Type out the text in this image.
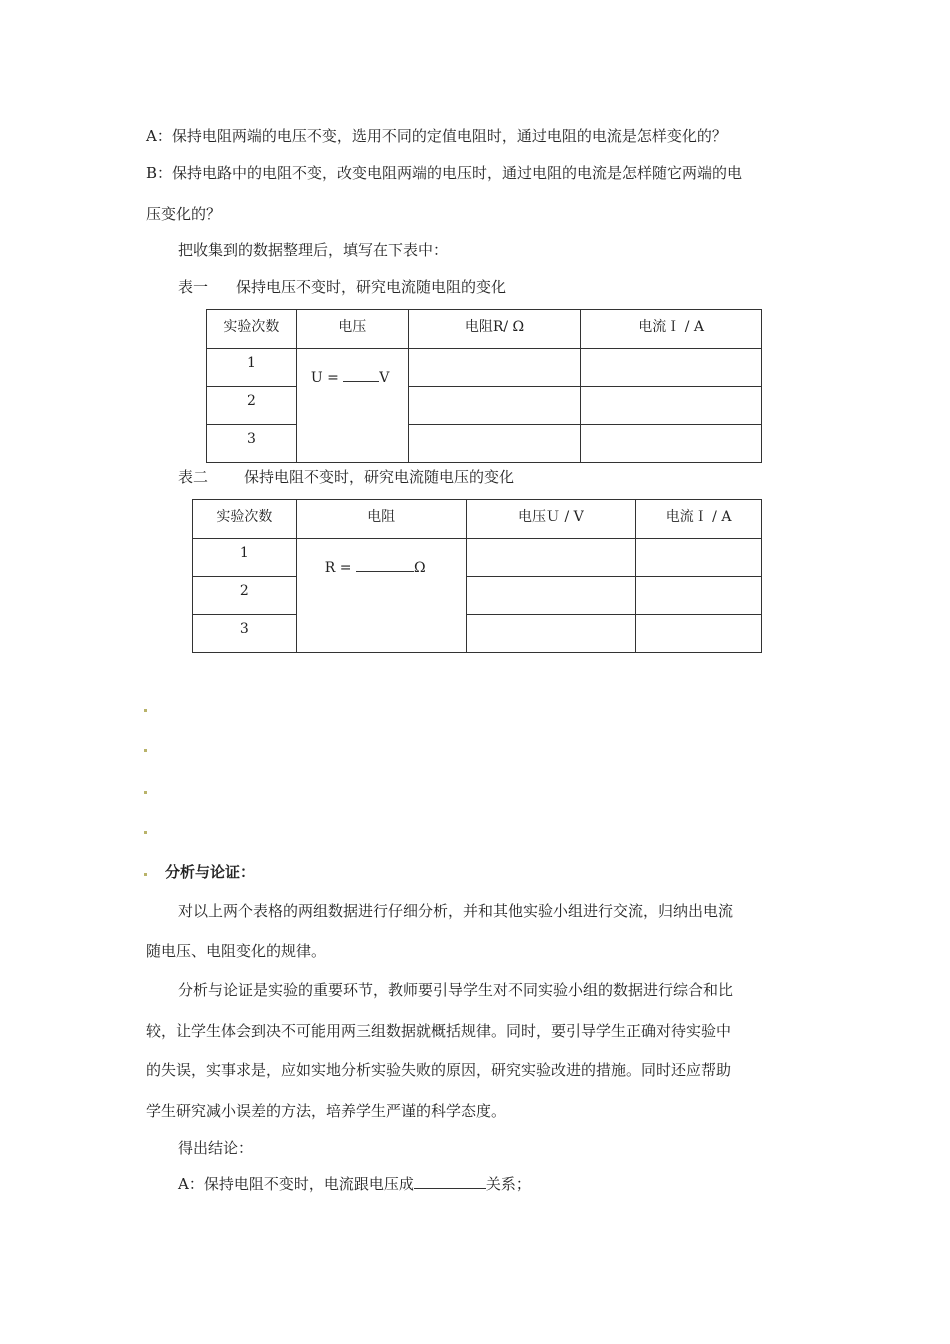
A：保持电阻两端的电压不变，选用不同的定值电阻时，通过电阻的电流是怎样变化的？
B：保持电路中的电阻不变，改变电阻两端的电压时，通过电阻的电流是怎样随它两端的电
压变化的？
把收集到的数据整理后，填写在下表中：
表一 保持电压不变时，研究电流随电阻的变化
实验次数	电压	电阻R/ Ω	电流Ｉ / A
1	U = V		
2			
3			
表二 保持电阻不变时，研究电流随电压的变化
实验次数	电阻	电压Ｕ / V	电流Ｉ / A
1	R = Ω		
2			
3			
分析与论证：
对以上两个表格的两组数据进行仔细分析，并和其他实验小组进行交流，归纳出电流
随电压、电阻变化的规律。
分析与论证是实验的重要环节，教师要引导学生对不同实验小组的数据进行综合和比
较，让学生体会到决不可能用两三组数据就概括规律。同时，要引导学生正确对待实验中
的失误，实事求是，应如实地分析实验失败的原因，研究实验改进的措施。同时还应帮助
学生研究减小误差的方法，培养学生严谨的科学态度。
得出结论：
A：保持电阻不变时，电流跟电压成	关系；
